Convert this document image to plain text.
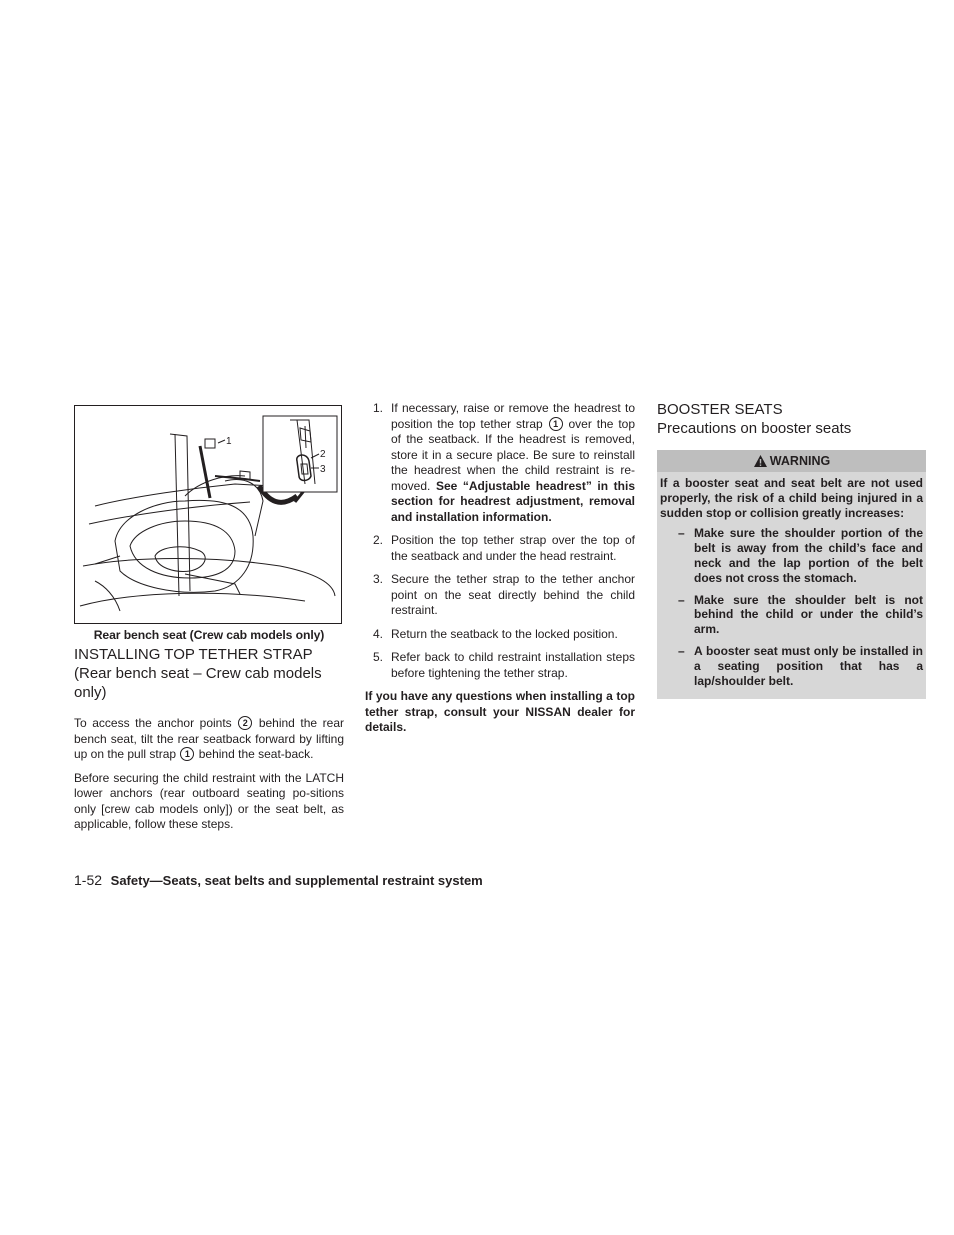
1
2
3
Rear bench seat (Crew cab models only)
INSTALLING TOP TETHER STRAP
(Rear bench seat – Crew cab models only)

To access the anchor points 2 behind the rear bench seat, tilt the rear seatback forward by lifting up on the pull strap 1 behind the seat-back.

Before securing the child restraint with the LATCH lower anchors (rear outboard seating po-sitions only [crew cab models only]) or the seat belt, as applicable, follow these steps.

1. If necessary, raise or remove the headrest to position the top tether strap 1 over the top of the seatback. If the headrest is removed, store it in a secure place. Be sure to reinstall the headrest when the child restraint is re-moved. See “Adjustable headrest” in this section for headrest adjustment, removal and installation information.
2. Position the top tether strap over the top of the seatback and under the head restraint.
3. Secure the tether strap to the tether anchor point on the seat directly behind the child restraint.
4. Return the seatback to the locked position.
5. Refer back to child restraint installation steps before tightening the tether strap.

If you have any questions when installing a top tether strap, consult your NISSAN dealer for details.

BOOSTER SEATS
Precautions on booster seats
WARNING

If a booster seat and seat belt are not used properly, the risk of a child being injured in a sudden stop or collision greatly increases:

– Make sure the shoulder portion of the belt is away from the child’s face and neck and the lap portion of the belt does not cross the stomach.
– Make sure the shoulder belt is not behind the child or under the child’s arm.
– A booster seat must only be installed in a seating position that has a lap/shoulder belt.
1-52 Safety—Seats, seat belts and supplemental restraint system
